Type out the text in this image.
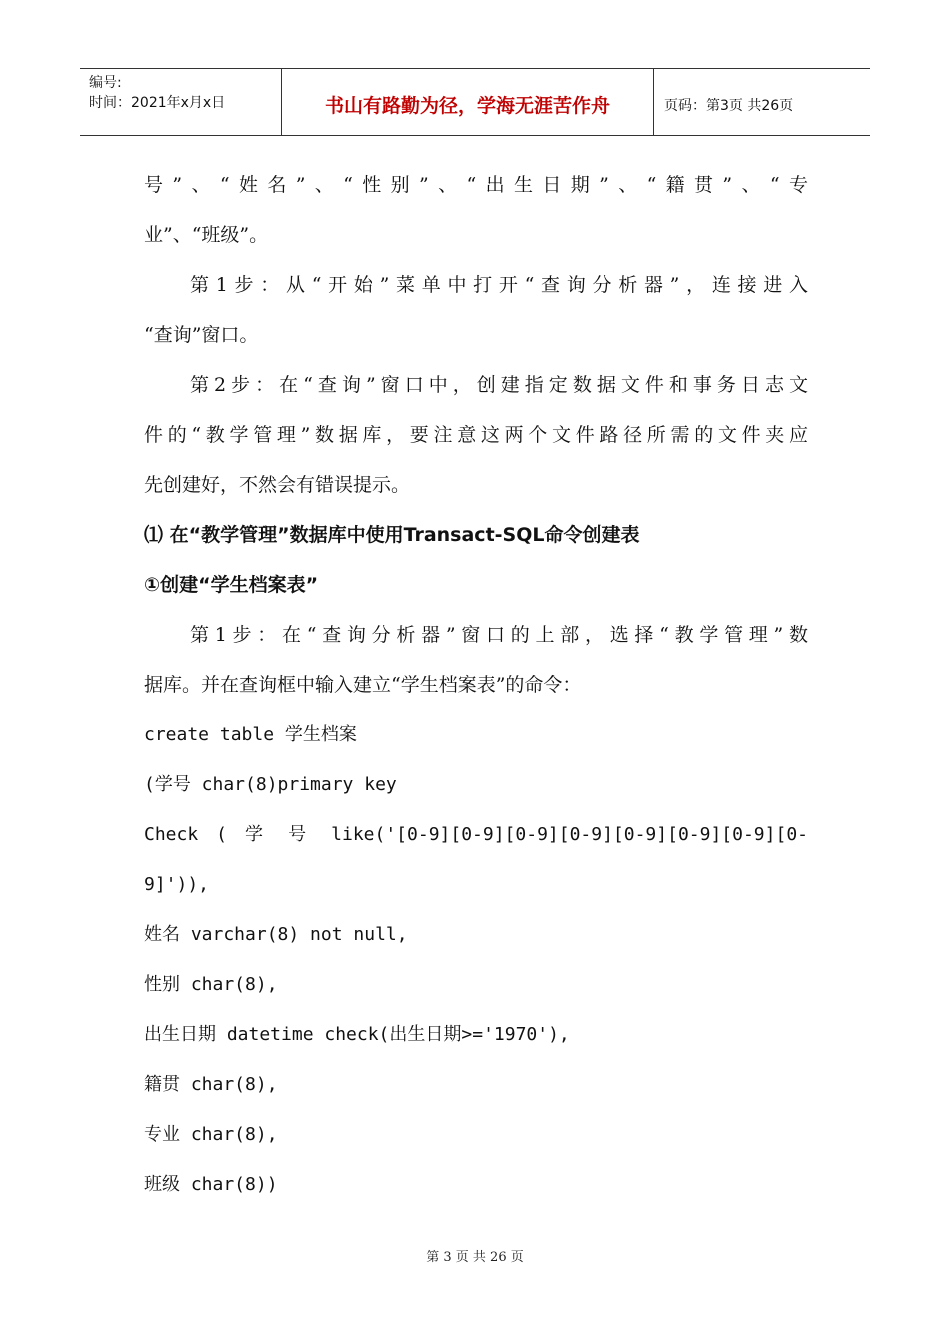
编号:
时间：2021年x月x日	书山有路勤为径，学海无涯苦作舟	页码：第3页 共26页

号”、“姓名”、“性别”、“出生日期”、“籍贯”、“专

业”、“班级”。

第1步：从“开始”菜单中打开“查询分析器”，连接进入

“查询”窗口。

第2步：在“查询”窗口中，创建指定数据文件和事务日志文

件的“教学管理”数据库，要注意这两个文件路径所需的文件夹应

先创建好，不然会有错误提示。

⑴ 在“教学管理”数据库中使用Transact-SQL命令创建表

①创建“学生档案表”

第1步：在“查询分析器”窗口的上部，选择“教学管理”数

据库。并在查询框中输入建立“学生档案表”的命令：

create table 学生档案

(学号 char(8)primary key

Check ( 学 号 like('[0-9][0-9][0-9][0-9][0-9][0-9][0-9][0-

9]')),

姓名 varchar(8) not null,

性别 char(8),

出生日期 datetime check(出生日期>='1970'),

籍贯 char(8),

专业 char(8),

班级 char(8))

第 3 页 共 26 页
